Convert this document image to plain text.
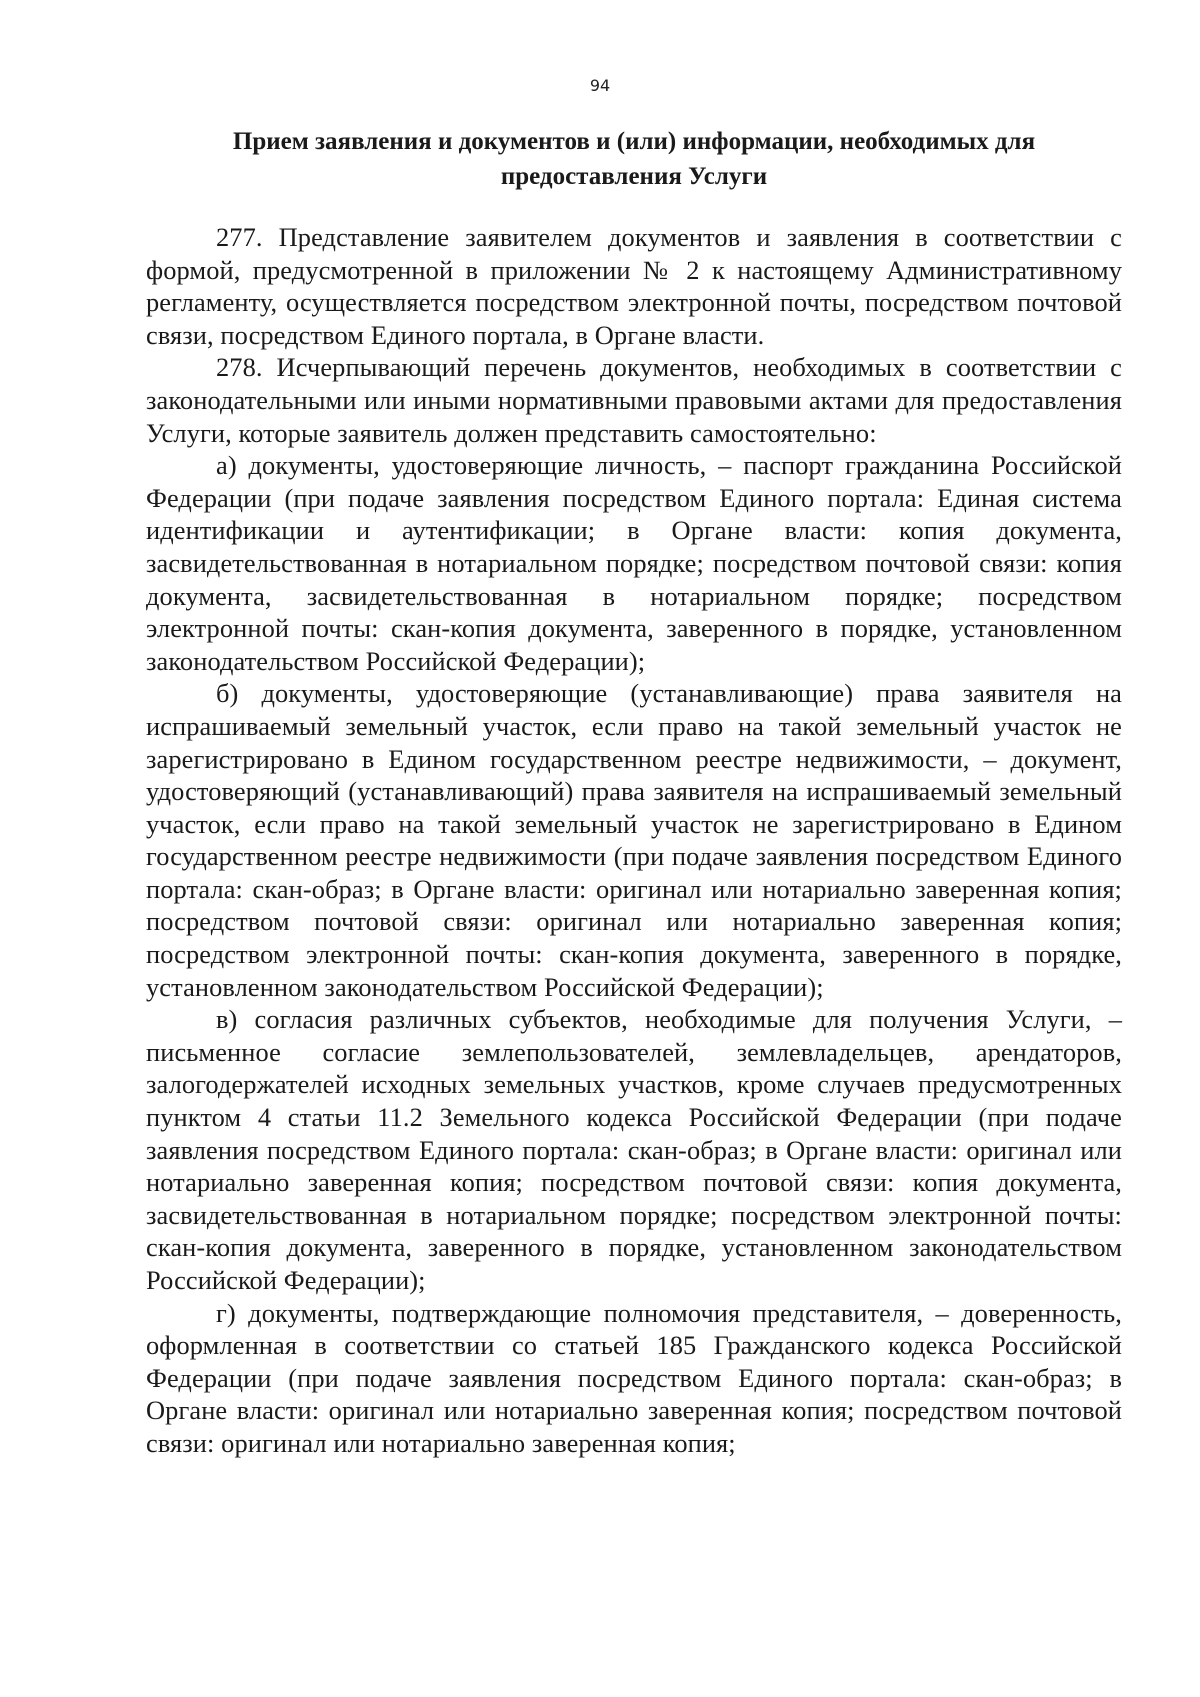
94
Прием заявления и документов и (или) информации, необходимых для предоставления Услуги

277. Представление заявителем документов и заявления в соответствии с формой, предусмотренной в приложении № 2 к настоящему Административному регламенту, осуществляется посредством электронной почты, посредством почтовой связи, посредством Единого портала, в Органе власти.

278. Исчерпывающий перечень документов, необходимых в соответствии с законодательными или иными нормативными правовыми актами для предоставления Услуги, которые заявитель должен представить самостоятельно:

а) документы, удостоверяющие личность, – паспорт гражданина Российской Федерации (при подаче заявления посредством Единого портала: Единая система идентификации и аутентификации; в Органе власти: копия документа, засвидетельствованная в нотариальном порядке; посредством почтовой связи: копия документа, засвидетельствованная в нотариальном порядке; посредством электронной почты: скан-копия документа, заверенного в порядке, установленном законодательством Российской Федерации);

б) документы, удостоверяющие (устанавливающие) права заявителя на испрашиваемый земельный участок, если право на такой земельный участок не зарегистрировано в Едином государственном реестре недвижимости, – документ, удостоверяющий (устанавливающий) права заявителя на испрашиваемый земельный участок, если право на такой земельный участок не зарегистрировано в Едином государственном реестре недвижимости (при подаче заявления посредством Единого портала: скан-образ; в Органе власти: оригинал или нотариально заверенная копия; посредством почтовой связи: оригинал или нотариально заверенная копия; посредством электронной почты: скан-копия документа, заверенного в порядке, установленном законодательством Российской Федерации);

в) согласия различных субъектов, необходимые для получения Услуги, – письменное согласие землепользователей, землевладельцев, арендаторов, залогодержателей исходных земельных участков, кроме случаев предусмотренных пунктом 4 статьи 11.2 Земельного кодекса Российской Федерации (при подаче заявления посредством Единого портала: скан-образ; в Органе власти: оригинал или нотариально заверенная копия; посредством почтовой связи: копия документа, засвидетельствованная в нотариальном порядке; посредством электронной почты: скан-копия документа, заверенного в порядке, установленном законодательством Российской Федерации);

г) документы, подтверждающие полномочия представителя, – доверенность, оформленная в соответствии со статьей 185 Гражданского кодекса Российской Федерации (при подаче заявления посредством Единого портала: скан-образ; в Органе власти: оригинал или нотариально заверенная копия; посредством почтовой связи: оригинал или нотариально заверенная копия;
